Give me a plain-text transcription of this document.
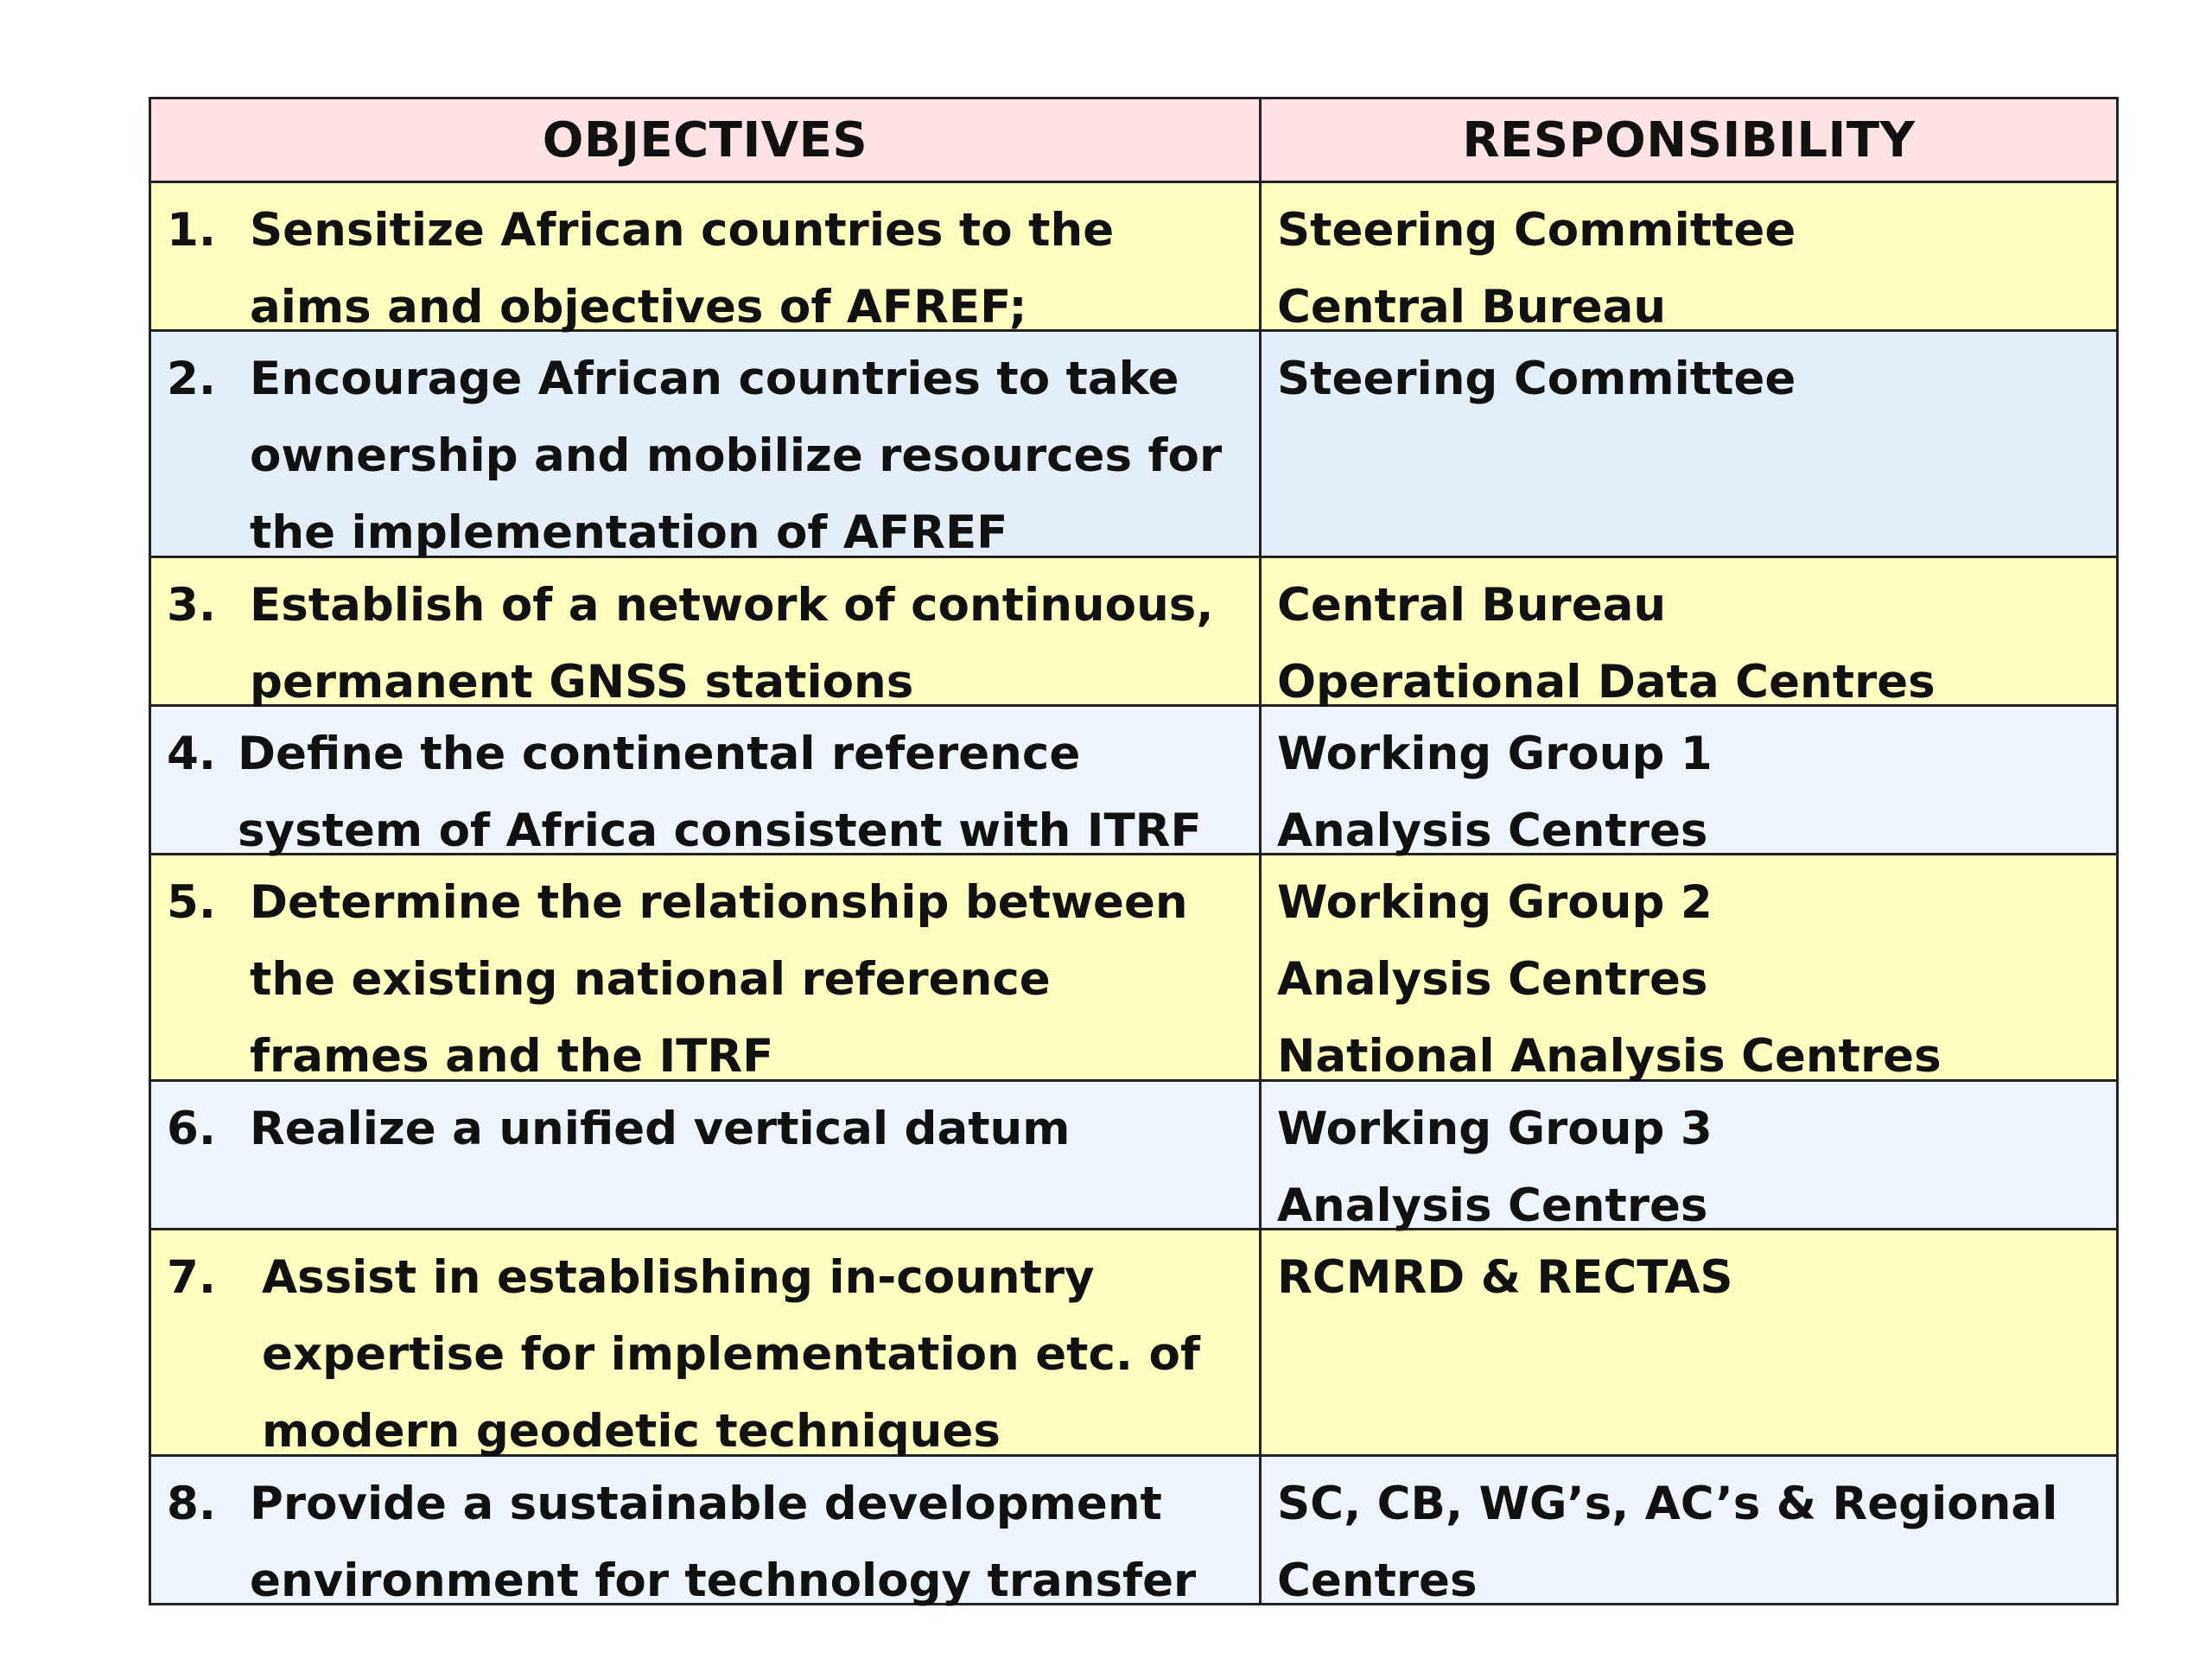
OBJECTIVES	RESPONSIBILITY
1. Sensitize African countries to the aims and objectives of AFREF;
Steering Committee
Central Bureau
2. Encourage African countries to take ownership and mobilize resources for the implementation of AFREF
Steering Committee
3. Establish of a network of continuous, permanent GNSS stations
Central Bureau
Operational Data Centres
4. Define the continental reference system of Africa consistent with ITRF
Working Group 1
Analysis Centres
5. Determine the relationship between the existing national reference frames and the ITRF
Working Group 2
Analysis Centres
National Analysis Centres
6. Realize a unified vertical datum	Working Group 3
Analysis Centres
7. Assist in establishing in-country expertise for implementation etc. of modern geodetic techniques
RCMRD & RECTAS
8. Provide a sustainable development environment for technology transfer
SC, CB, WG’s, AC’s & Regional
Centres
